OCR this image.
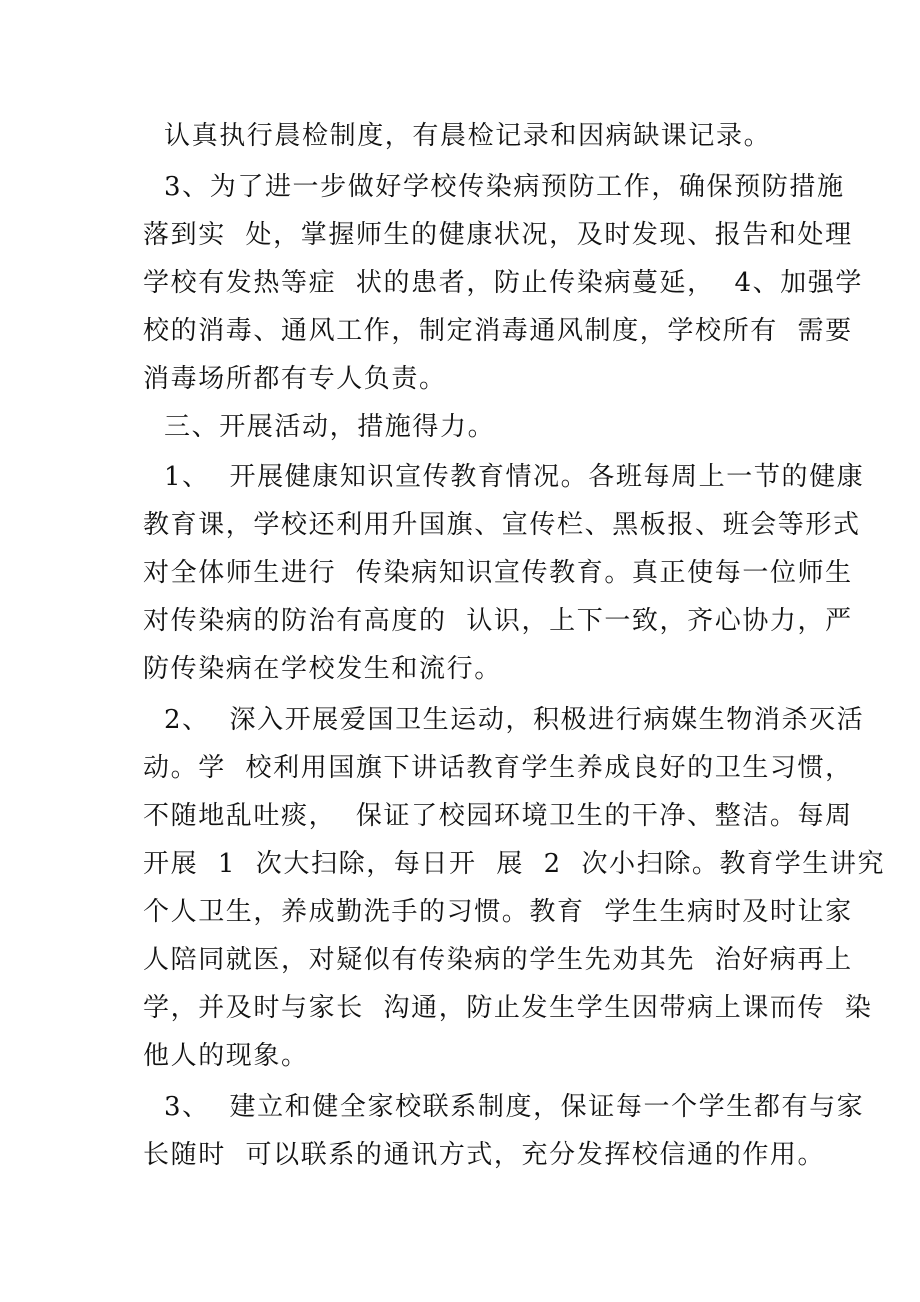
认真执行晨检制度，有晨检记录和因病缺课记录。
3、为了进一步做好学校传染病预防工作，确保预防措施
落到实  处，掌握师生的健康状况，及时发现、报告和处理
学校有发热等症  状的患者，防止传染病蔓延，  4、加强学
校的消毒、通风工作，制定消毒通风制度，学校所有  需要
消毒场所都有专人负责。
三、开展活动，措施得力。
1、  开展健康知识宣传教育情况。各班每周上一节的健康
教育课，学校还利用升国旗、宣传栏、黑板报、班会等形式
对全体师生进行  传染病知识宣传教育。真正使每一位师生
对传染病的防治有高度的  认识，上下一致，齐心协力，严
防传染病在学校发生和流行。
2、  深入开展爱国卫生运动，积极进行病媒生物消杀灭活
动。学  校利用国旗下讲话教育学生养成良好的卫生习惯，
不随地乱吐痰，  保证了校园环境卫生的干净、整洁。每周
开展  1  次大扫除，每日开  展  2  次小扫除。教育学生讲究
个人卫生，养成勤洗手的习惯。教育  学生生病时及时让家
人陪同就医，对疑似有传染病的学生先劝其先  治好病再上
学，并及时与家长  沟通，防止发生学生因带病上课而传  染
他人的现象。
3、  建立和健全家校联系制度，保证每一个学生都有与家
长随时  可以联系的通讯方式，充分发挥校信通的作用。
